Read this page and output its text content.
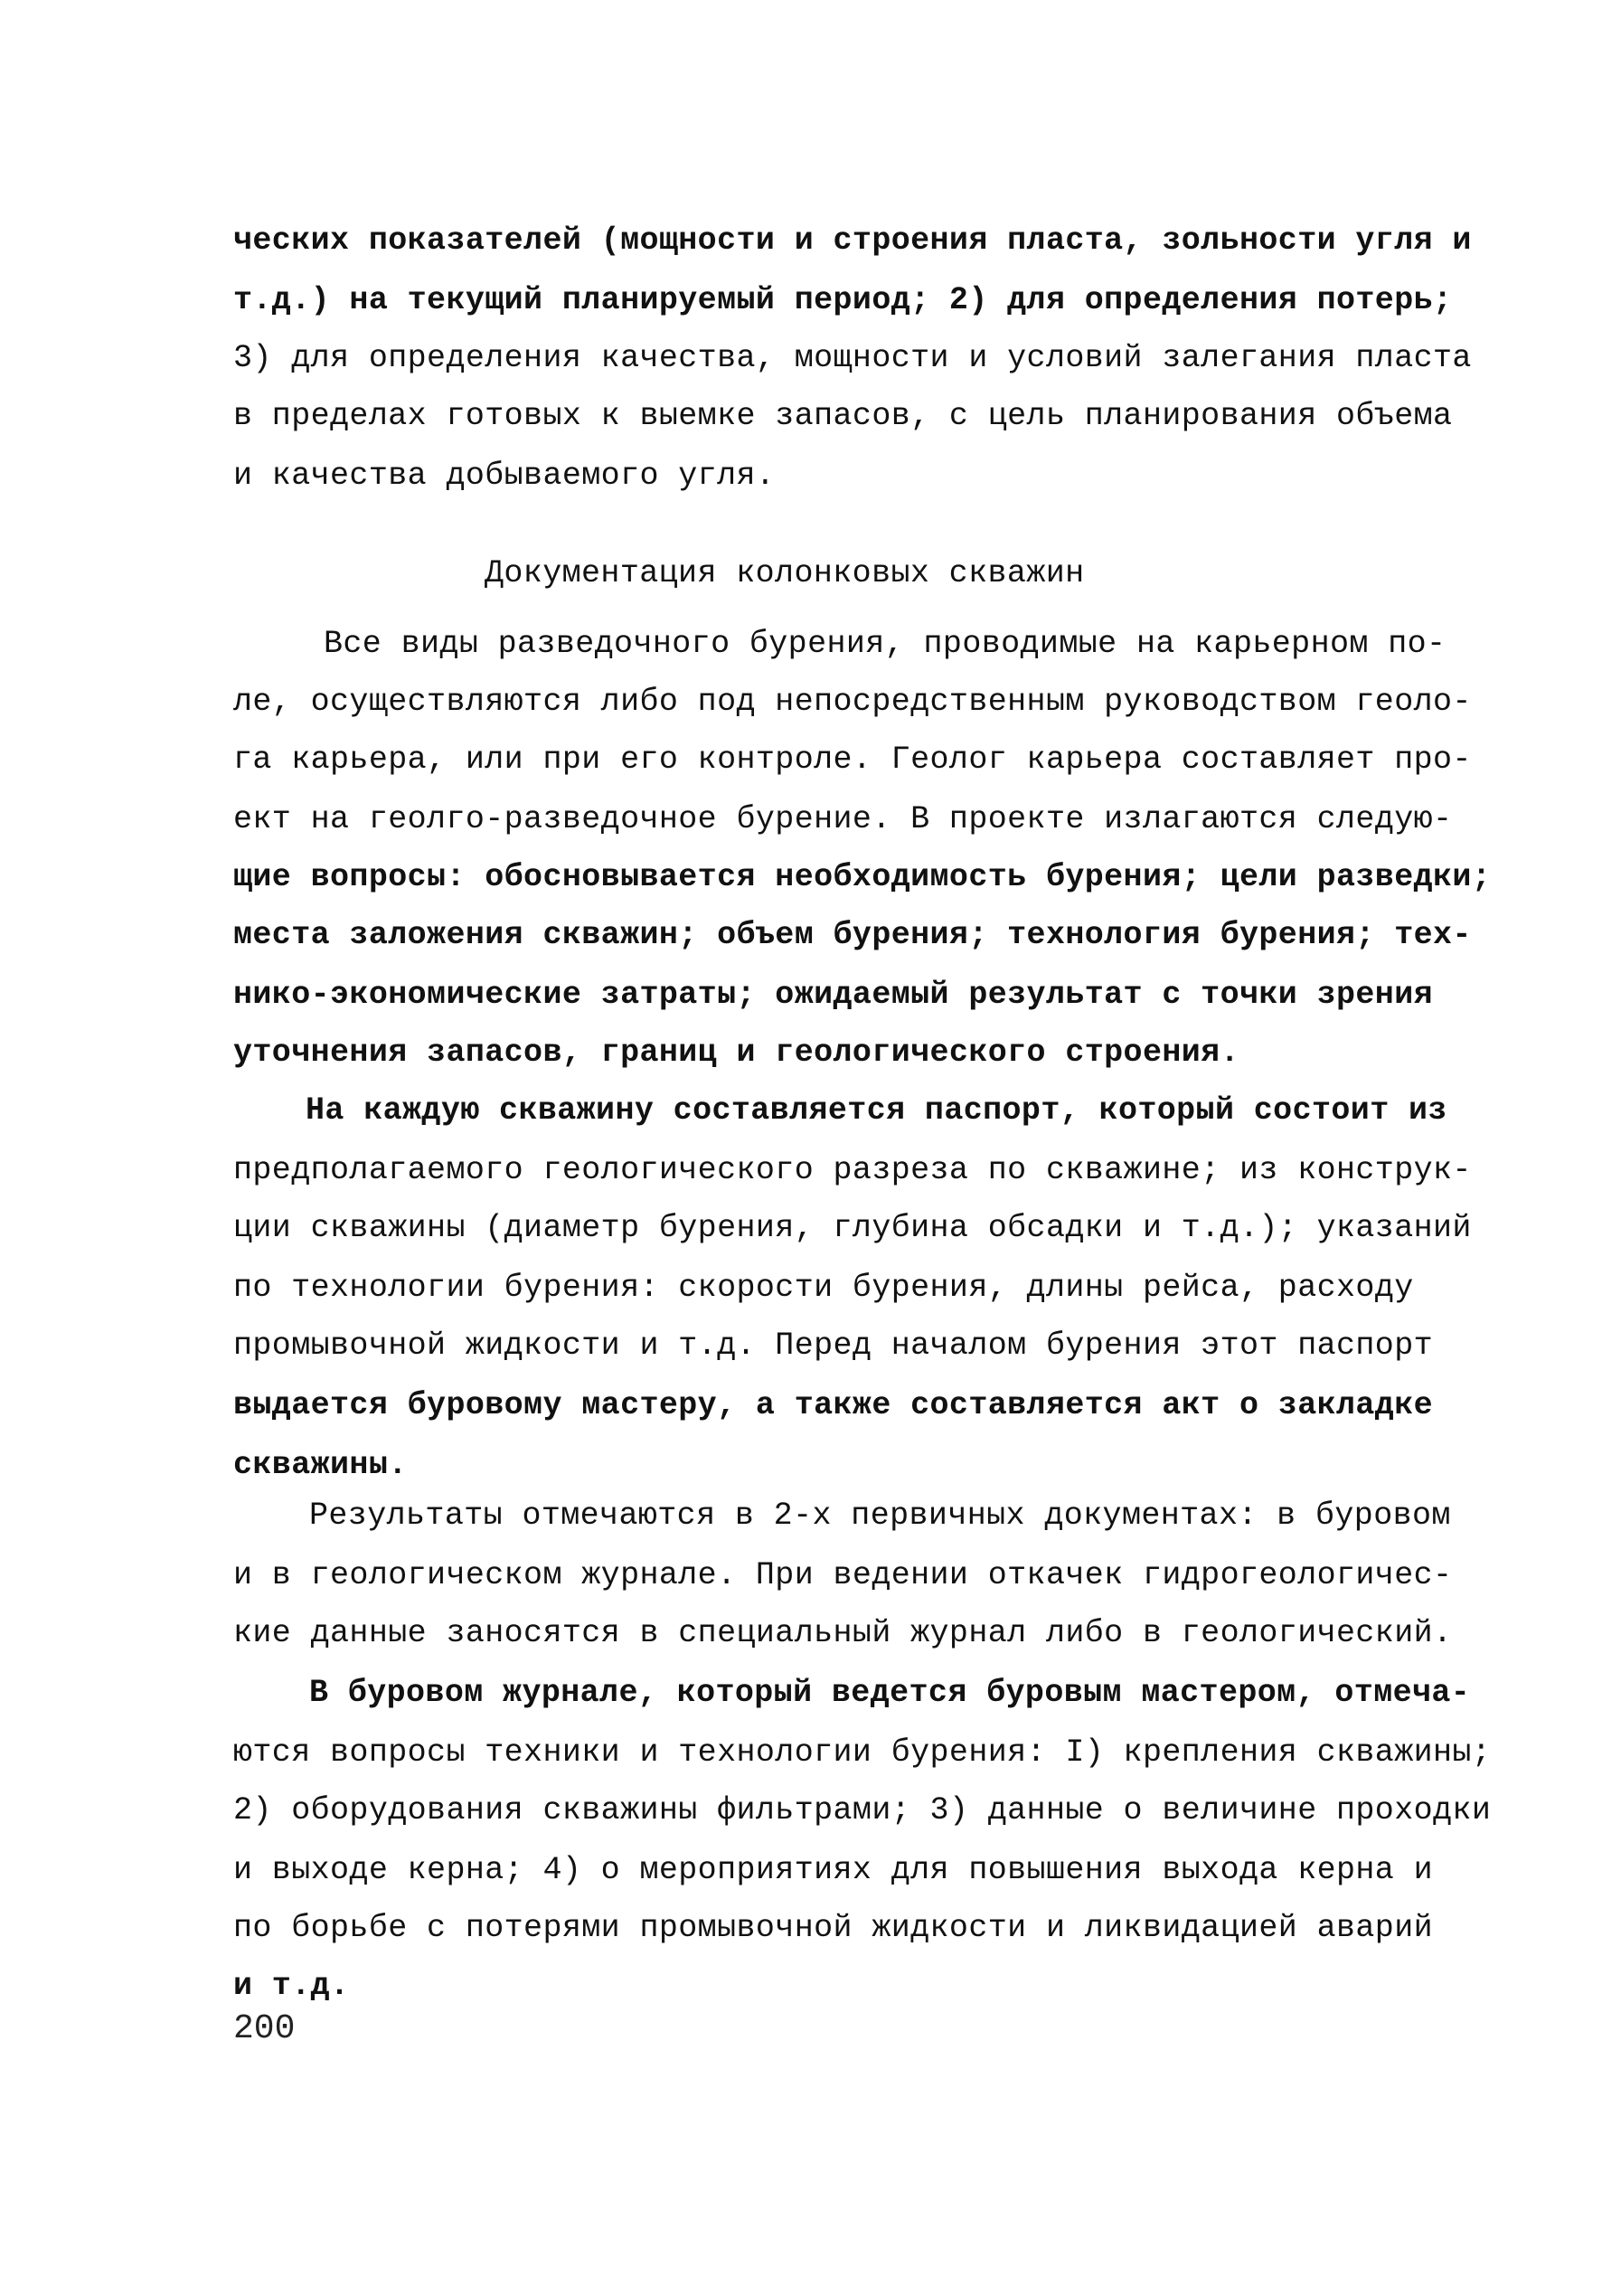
ческих показателей (мощности и строения пласта, зольности угля и
т.д.) на текущий планируемый период; 2) для определения потерь;
3) для определения качества, мощности и условий залегания пласта
в пределах готовых к выемке запасов, с цель планирования объема
и качества добываемого угля.
Документация колонковых скважин
Все виды разведочного бурения, проводимые на карьерном по-
ле, осуществляются либо под непосредственным руководством геоло-
га карьера, или при его контроле. Геолог карьера составляет про-
ект на геолго-разведочное бурение. В проекте излагаются следую-
щие вопросы: обосновывается необходимость бурения; цели разведки;
места заложения скважин; объем бурения; технология бурения; тех-
нико-экономические затраты; ожидаемый результат с точки зрения
уточнения запасов, границ и геологического строения.
На каждую скважину составляется паспорт, который состоит из
предполагаемого геологического разреза по скважине; из конструк-
ции скважины (диаметр бурения, глубина обсадки и т.д.); указаний
по технологии бурения: скорости бурения, длины рейса, расходу
промывочной жидкости и т.д. Перед началом бурения этот паспорт
выдается буровому мастеру, а также составляется акт о закладке
скважины.
Результаты отмечаются в 2-х первичных документах: в буровом
и в геологическом журнале. При ведении откачек гидрогеологичес-
кие данные заносятся в специальный журнал либо в геологический.
В буровом журнале, который ведется буровым мастером, отмеча-
ются вопросы техники и технологии бурения: I) крепления скважины;
2) оборудования скважины фильтрами; 3) данные о величине проходки
и выходе керна; 4) о мероприятиях для повышения выхода керна и
по борьбе с потерями промывочной жидкости и ликвидацией аварий
и т.д.
200
